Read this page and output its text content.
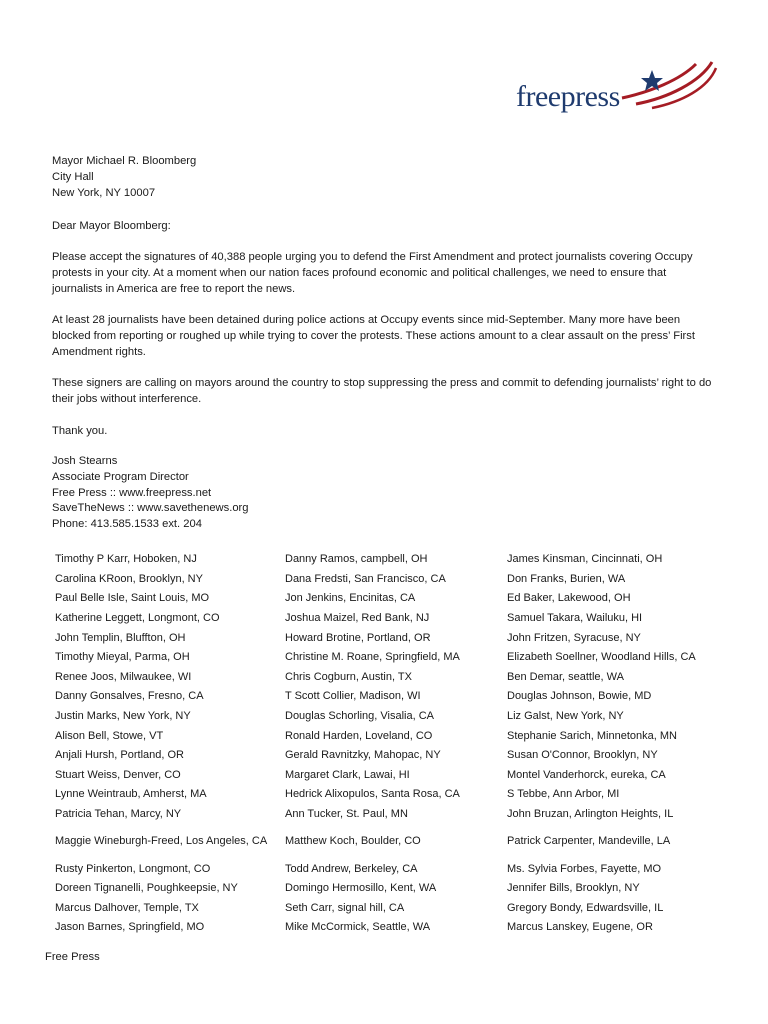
freepress
Mayor Michael R. Bloomberg
City Hall
New York, NY 10007

Dear Mayor Bloomberg:

Please accept the signatures of 40,388 people urging you to defend the First Amendment and protect journalists covering Occupy protests in your city. At a moment when our nation faces profound economic and political challenges, we need to ensure that journalists in America are free to report the news.

At least 28 journalists have been detained during police actions at Occupy events since mid-September. Many more have been blocked from reporting or roughed up while trying to cover the protests. These actions amount to a clear assault on the press’ First Amendment rights.

These signers are calling on mayors around the country to stop suppressing the press and commit to defending journalists’ right to do their jobs without interference.

Thank you.

Josh Stearns
Associate Program Director
Free Press :: www.freepress.net
SaveTheNews :: www.savethenews.org
Phone: 413.585.1533 ext. 204
Timothy P Karr, Hoboken, NJ	Danny Ramos, campbell, OH	James Kinsman, Cincinnati, OH
Carolina KRoon, Brooklyn, NY	Dana Fredsti, San Francisco, CA	Don Franks, Burien, WA
Paul Belle Isle, Saint Louis, MO	Jon Jenkins, Encinitas, CA	Ed Baker, Lakewood, OH
Katherine Leggett, Longmont, CO	Joshua Maizel, Red Bank, NJ	Samuel Takara, Wailuku, HI
John Templin, Bluffton, OH	Howard Brotine, Portland, OR	John Fritzen, Syracuse, NY
Timothy Mieyal, Parma, OH	Christine M. Roane, Springfield, MA	Elizabeth Soellner, Woodland Hills, CA
Renee Joos, Milwaukee, WI	Chris Cogburn, Austin, TX	Ben Demar, seattle, WA
Danny Gonsalves, Fresno, CA	T Scott Collier, Madison, WI	Douglas Johnson, Bowie, MD
Justin Marks, New York, NY	Douglas Schorling, Visalia, CA	Liz Galst, New York, NY
Alison Bell, Stowe, VT	Ronald Harden, Loveland, CO	Stephanie Sarich, Minnetonka, MN
Anjali Hursh, Portland, OR	Gerald Ravnitzky, Mahopac, NY	Susan O'Connor, Brooklyn, NY
Stuart Weiss, Denver, CO	Margaret Clark, Lawai, HI	Montel Vanderhorck, eureka, CA
Lynne Weintraub, Amherst, MA	Hedrick Alixopulos, Santa Rosa, CA	S Tebbe, Ann Arbor, MI
Patricia Tehan, Marcy, NY	Ann Tucker, St. Paul, MN	John Bruzan, Arlington Heights, IL
Maggie Wineburgh-Freed, Los Angeles, CA	Matthew Koch, Boulder, CO	Patrick Carpenter, Mandeville, LA
Rusty Pinkerton, Longmont, CO	Todd Andrew, Berkeley, CA	Ms. Sylvia Forbes, Fayette, MO
Doreen Tignanelli, Poughkeepsie, NY	Domingo Hermosillo, Kent, WA	Jennifer Bills, Brooklyn, NY
Marcus Dalhover, Temple, TX	Seth Carr, signal hill, CA	Gregory Bondy, Edwardsville, IL
Jason Barnes, Springfield, MO	Mike McCormick, Seattle, WA	Marcus Lanskey, Eugene, OR
Free Press
